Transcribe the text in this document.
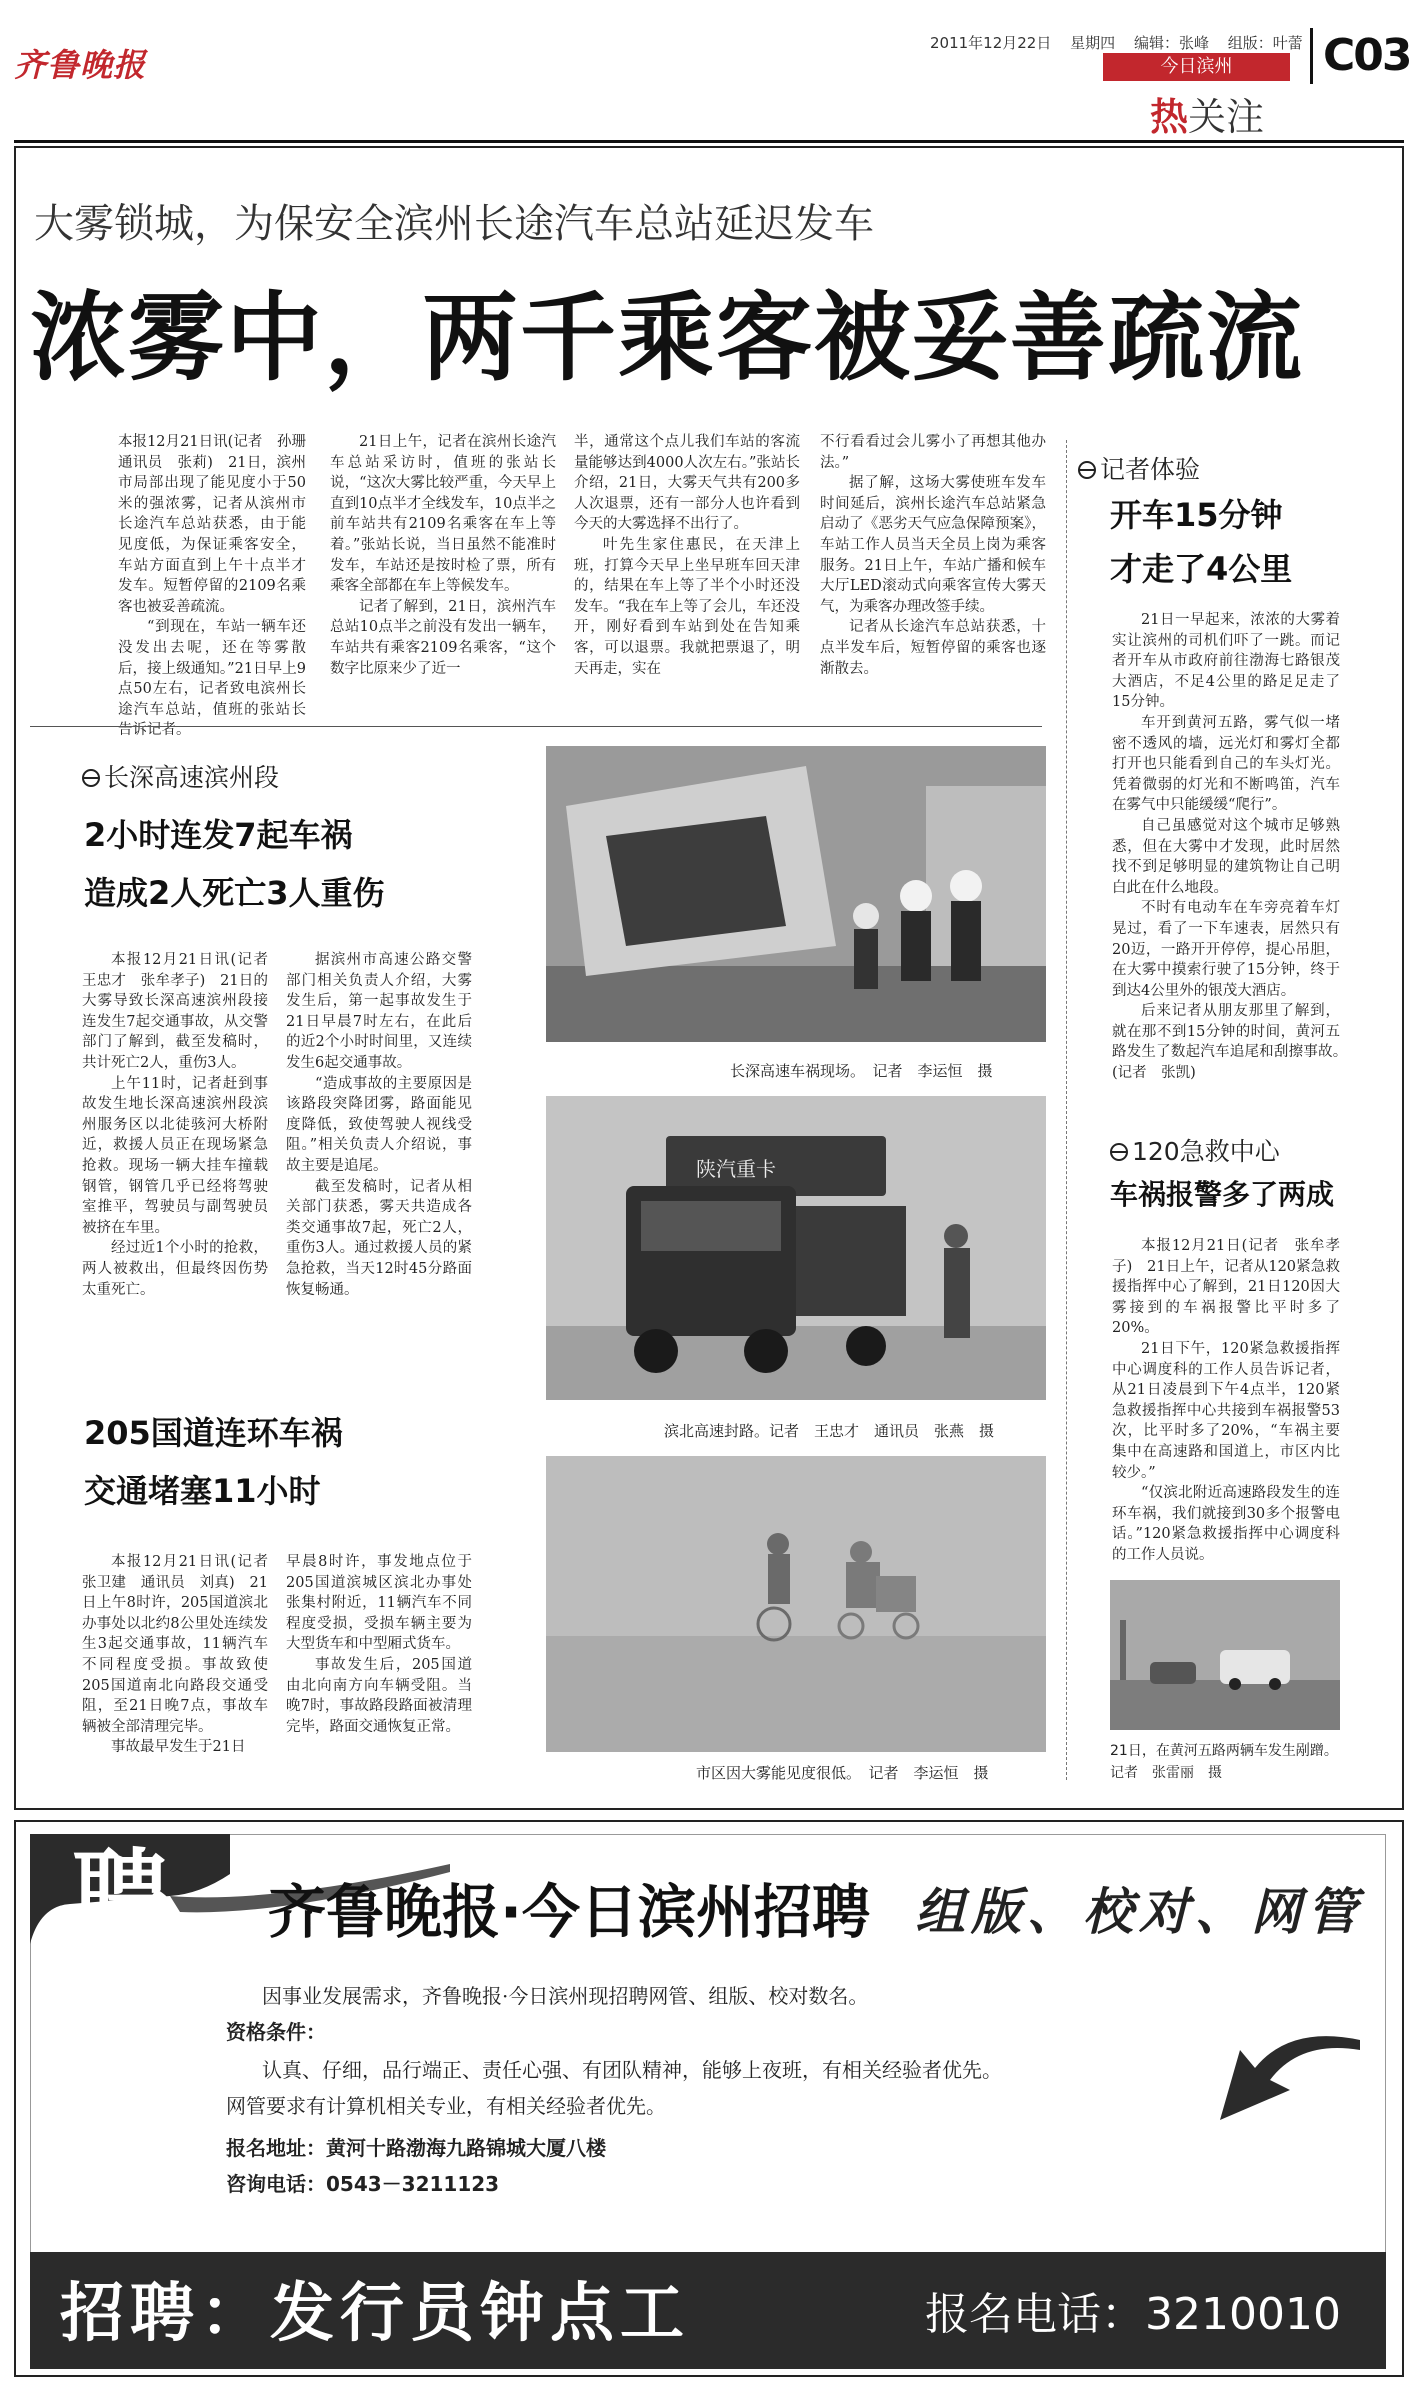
齐鲁晚报
2011年12月22日 星期四 编辑：张峰 组版：叶蕾
今日滨州
热关注
C03
大雾锁城，为保安全滨州长途汽车总站延迟发车
浓雾中，两千乘客被妥善疏流

本报12月21日讯(记者　孙珊　通讯员　张莉)　21日，滨州市局部出现了能见度小于50米的强浓雾，记者从滨州市长途汽车总站获悉，由于能见度低，为保证乘客安全，车站方面直到上午十点半才发车。短暂停留的2109名乘客也被妥善疏流。

“到现在，车站一辆车还没发出去呢，还在等雾散后，接上级通知。”21日早上9点50左右，记者致电滨州长途汽车总站，值班的张站长告诉记者。

21日上午，记者在滨州长途汽车总站采访时，值班的张站长说，“这次大雾比较严重，今天早上直到10点半才全线发车，10点半之前车站共有2109名乘客在车上等着。”张站长说，当日虽然不能准时发车，车站还是按时检了票，所有乘客全部都在车上等候发车。

记者了解到，21日，滨州汽车总站10点半之前没有发出一辆车，车站共有乘客2109名乘客，“这个数字比原来少了近一

半，通常这个点儿我们车站的客流量能够达到4000人次左右。”张站长介绍，21日，大雾天气共有200多人次退票，还有一部分人也许看到今天的大雾选择不出行了。

叶先生家住惠民，在天津上班，打算今天早上坐早班车回天津的，结果在车上等了半个小时还没发车。“我在车上等了会儿，车还没开，刚好看到车站到处在告知乘客，可以退票。我就把票退了，明天再走，实在

不行看看过会儿雾小了再想其他办法。”

据了解，这场大雾使班车发车时间延后，滨州长途汽车总站紧急启动了《恶劣天气应急保障预案》，车站工作人员当天全员上岗为乘客服务。21日上午，车站广播和候车大厅LED滚动式向乘客宣传大雾天气，为乘客办理改签手续。

记者从长途汽车总站获悉，十点半发车后，短暂停留的乘客也逐渐散去。

记者体验
开车15分钟
才走了4公里

21日一早起来，浓浓的大雾着实让滨州的司机们吓了一跳。而记者开车从市政府前往渤海七路银茂大酒店，不足4公里的路足足走了15分钟。

车开到黄河五路，雾气似一堵密不透风的墙，远光灯和雾灯全都打开也只能看到自己的车头灯光。凭着微弱的灯光和不断鸣笛，汽车在雾气中只能缓缓“爬行”。

自己虽感觉对这个城市足够熟悉，但在大雾中才发现，此时居然找不到足够明显的建筑物让自己明白此在什么地段。

不时有电动车在车旁亮着车灯晃过，看了一下车速表，居然只有20迈，一路开开停停，提心吊胆，在大雾中摸索行驶了15分钟，终于到达4公里外的银茂大酒店。

后来记者从朋友那里了解到，就在那不到15分钟的时间，黄河五路发生了数起汽车追尾和刮擦事故。　(记者　张凯)

120急救中心
车祸报警多了两成

本报12月21日(记者　张牟孝子)　21日上午，记者从120紧急救援指挥中心了解到，21日120因大雾接到的车祸报警比平时多了20%。

21日下午，120紧急救援指挥中心调度科的工作人员告诉记者，从21日凌晨到下午4点半，120紧急救援指挥中心共接到车祸报警53次，比平时多了20%，“车祸主要集中在高速路和国道上，市区内比较少。”

“仅滨北附近高速路段发生的连环车祸，我们就接到30多个报警电话。”120紧急救援指挥中心调度科的工作人员说。

21日，在黄河五路两辆车发生剐蹭。　记者　张雷丽　摄
长深高速滨州段
2小时连发7起车祸
造成2人死亡3人重伤

本报12月21日讯(记者　王忠才　张牟孝子)　21日的大雾导致长深高速滨州段接连发生7起交通事故，从交警部门了解到，截至发稿时，共计死亡2人，重伤3人。

上午11时，记者赶到事故发生地长深高速滨州段滨州服务区以北徒骇河大桥附近，救援人员正在现场紧急抢救。现场一辆大挂车撞载钢管，钢管几乎已经将驾驶室推平，驾驶员与副驾驶员被挤在车里。

经过近1个小时的抢救，两人被救出，但最终因伤势太重死亡。

据滨州市高速公路交警部门相关负责人介绍，大雾发生后，第一起事故发生于21日早晨7时左右，在此后的近2个小时时间里，又连续发生6起交通事故。

“造成事故的主要原因是该路段突降团雾，路面能见度降低，致使驾驶人视线受阻。”相关负责人介绍说，事故主要是追尾。

截至发稿时，记者从相关部门获悉，雾天共造成各类交通事故7起，死亡2人，重伤3人。通过救援人员的紧急抢救，当天12时45分路面恢复畅通。

205国道连环车祸
交通堵塞11小时

本报12月21日讯(记者　张卫建　通讯员　刘真)　21日上午8时许，205国道滨北办事处以北约8公里处连续发生3起交通事故，11辆汽车不同程度受损。事故致使205国道南北向路段交通受阻，至21日晚7点，事故车辆被全部清理完毕。

事故最早发生于21日

早晨8时许，事发地点位于205国道滨城区滨北办事处张集村附近，11辆汽车不同程度受损，受损车辆主要为大型货车和中型厢式货车。

事故发生后，205国道由北向南方向车辆受阻。当晚7时，事故路段路面被清理完毕，路面交通恢复正常。

长深高速车祸现场。　记者　李运恒　摄
陕汽重卡
滨北高速封路。记者　王忠才　通讯员　张燕　摄
市区因大雾能见度很低。　记者　李运恒　摄
聘	齐鲁晚报·今日滨州招聘 组版、校对、网管
因事业发展需求，齐鲁晚报·今日滨州现招聘网管、组版、校对数名。
资格条件：
认真、仔细，品行端正、责任心强、有团队精神，能够上夜班，有相关经验者优先。
网管要求有计算机相关专业，有相关经验者优先。
报名地址：黄河十路渤海九路锦城大厦八楼
咨询电话：0543－3211123
招聘：发行员钟点工	报名电话：3210010
